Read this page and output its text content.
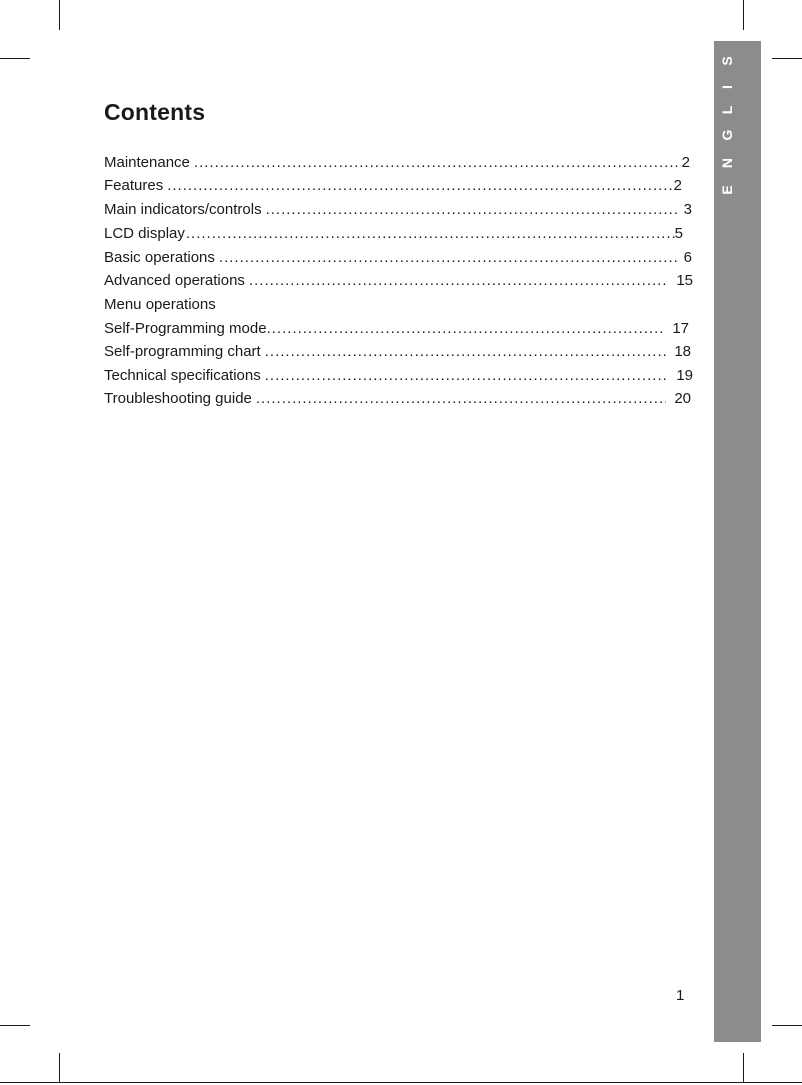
S
I
L
G
N
E
Contents
Maintenance .....	2
Features .....	2
Main indicators/controls .....	3
LCD display .....	5
Basic operations .....	6
Advanced operations .....	15
Menu operations
Self-Programming mode .....	17
Self-programming chart .....	18
Technical specifications .....	19
Troubleshooting guide .....	20
1
